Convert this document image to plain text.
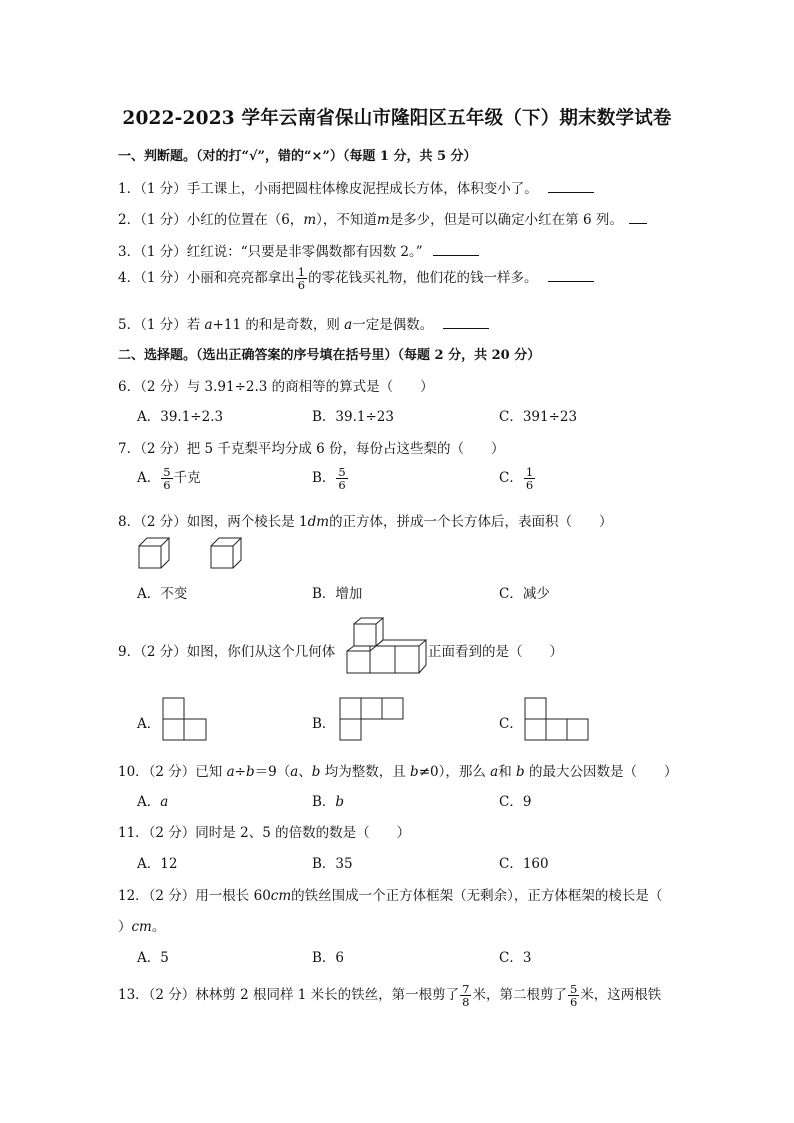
2022-2023 学年云南省保山市隆阳区五年级（下）期末数学试卷
一、判断题。（对的打“√”，错的“×”）（每题 1 分，共 5 分）
1．（1 分）手工课上，小雨把圆柱体橡皮泥捏成长方体，体积变小了。
2．（1 分）小红的位置在（6，m），不知道m是多少，但是可以确定小红在第 6 列。
3．（1 分）红红说：“只要是非零偶数都有因数 2。”
4．（1 分）小丽和亮亮都拿出 $\frac{1}{6}$ 的零花钱买礼物，他们花的钱一样多。
5．（1 分）若 a+11 的和是奇数，则 a一定是偶数。
二、选择题。（选出正确答案的序号填在括号里）（每题 2 分，共 20 分）
6．（2 分）与 3.91÷2.3 的商相等的算式是（　　）
A．39.1÷2.3	B．39.1÷23	C．391÷23
7．（2 分）把 5 千克梨平均分成 6 份，每份占这些梨的（　　）
A． $\frac{5}{6}$ 千克	B． $\frac{5}{6}$	C． $\frac{1}{6}$
8．（2 分）如图，两个棱长是 1dm的正方体，拼成一个长方体后，表面积（　　）
A．不变	B．增加	C．减少
9．（2 分）如图，你们从这个几何体	正面看到的是（　　）
A．	B．	C．
10．（2 分）已知 a÷b＝9（a、b 均为整数，且 b≠0），那么 a和 b 的最大公因数是（　　）
A．a	B．b	C．9
11．（2 分）同时是 2、5 的倍数的数是（　　）
A．12	B．35	C．160
12．（2 分）用一根长 60cm的铁丝围成一个正方体框架（无剩余），正方体框架的棱长是（
）cm。
A．5	B．6	C．3
13．（2 分）林林剪 2 根同样 1 米长的铁丝，第一根剪了 $\frac{7}{8}$ 米，第二根剪了 $\frac{5}{6}$ 米，这两根铁
